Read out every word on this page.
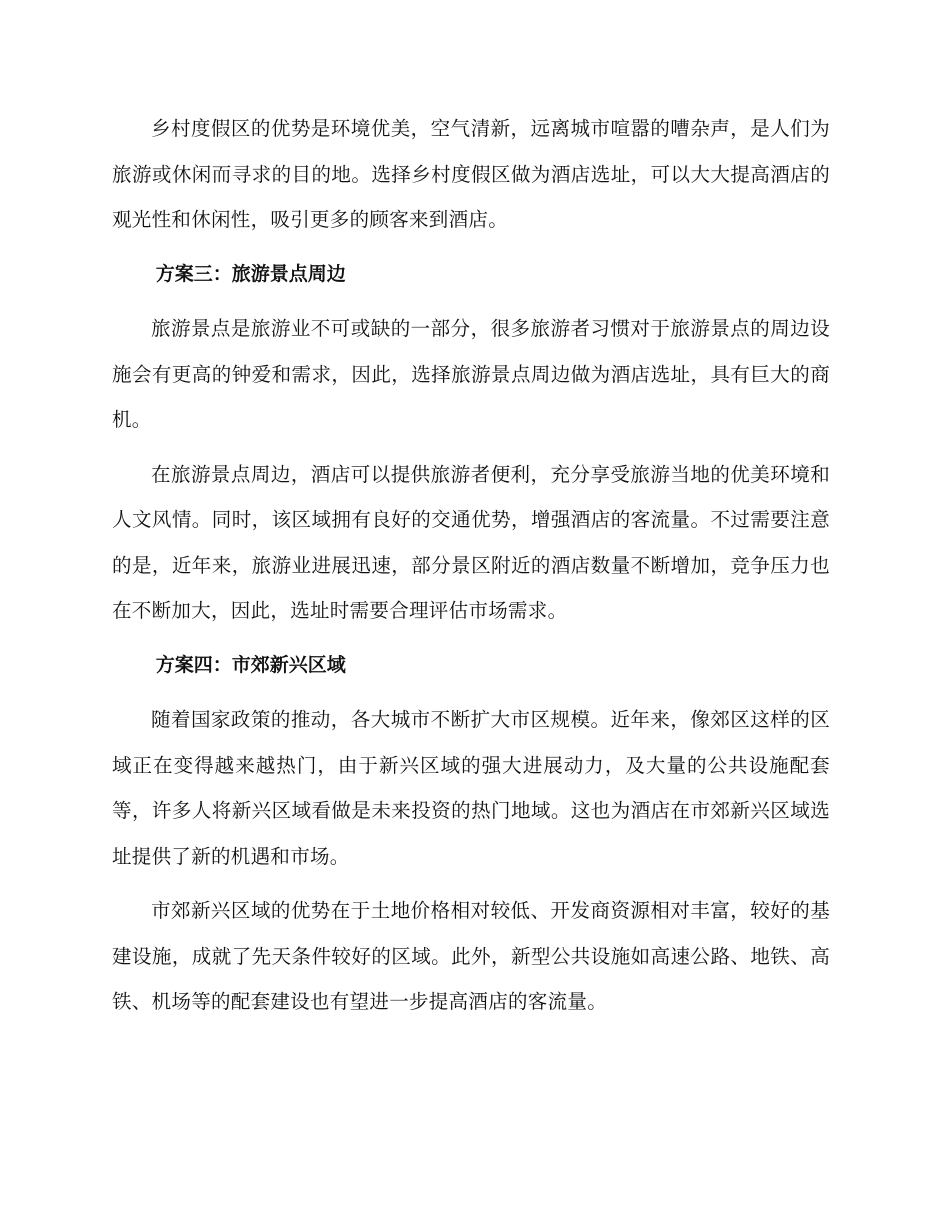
乡村度假区的优势是环境优美，空气清新，远离城市喧嚣的嘈杂声，是人们为旅游或休闲而寻求的目的地。选择乡村度假区做为酒店选址，可以大大提高酒店的观光性和休闲性，吸引更多的顾客来到酒店。

方案三：旅游景点周边

旅游景点是旅游业不可或缺的一部分，很多旅游者习惯对于旅游景点的周边设施会有更高的钟爱和需求，因此，选择旅游景点周边做为酒店选址，具有巨大的商机。

在旅游景点周边，酒店可以提供旅游者便利，充分享受旅游当地的优美环境和人文风情。同时，该区域拥有良好的交通优势，增强酒店的客流量。不过需要注意的是，近年来，旅游业进展迅速，部分景区附近的酒店数量不断增加，竞争压力也在不断加大，因此，选址时需要合理评估市场需求。

方案四：市郊新兴区域

随着国家政策的推动，各大城市不断扩大市区规模。近年来，像郊区这样的区域正在变得越来越热门，由于新兴区域的强大进展动力，及大量的公共设施配套等，许多人将新兴区域看做是未来投资的热门地域。这也为酒店在市郊新兴区域选址提供了新的机遇和市场。

市郊新兴区域的优势在于土地价格相对较低、开发商资源相对丰富，较好的基建设施，成就了先天条件较好的区域。此外，新型公共设施如高速公路、地铁、高铁、机场等的配套建设也有望进一步提高酒店的客流量。
